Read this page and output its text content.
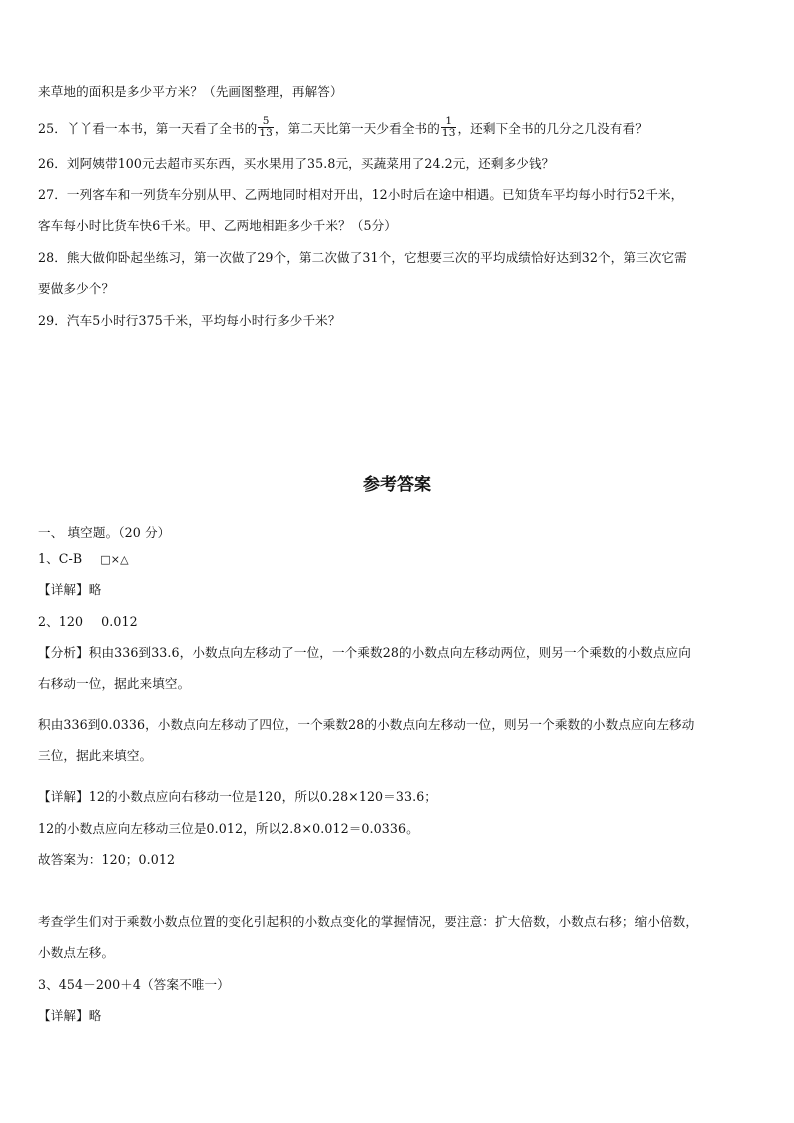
来草地的面积是多少平方米？（先画图整理，再解答）
25．丫丫看一本书，第一天看了全书的 $\frac{5}{13}$ ，第二天比第一天少看全书的 $\frac{1}{13}$ ，还剩下全书的几分之几没有看？
26．刘阿姨带100元去超市买东西，买水果用了35.8元，买蔬菜用了24.2元，还剩多少钱？
27．一列客车和一列货车分别从甲、乙两地同时相对开出，12小时后在途中相遇。已知货车平均每小时行52千米，
客车每小时比货车快6千米。甲、乙两地相距多少千米？（5分）
28．熊大做仰卧起坐练习，第一次做了29个，第二次做了31个，它想要三次的平均成绩恰好达到32个，第三次它需
要做多少个？
29．汽车5小时行375千米，平均每小时行多少千米？
参考答案
一、 填空题。（20 分）
1、C-B □×△
【详解】略
2、120 0.012
【分析】积由336到33.6，小数点向左移动了一位，一个乘数28的小数点向左移动两位，则另一个乘数的小数点应向
右移动一位，据此来填空。
积由336到0.0336，小数点向左移动了四位，一个乘数28的小数点向左移动一位，则另一个乘数的小数点应向左移动
三位，据此来填空。
【详解】12的小数点应向右移动一位是120，所以0.28×120＝33.6；
12的小数点应向左移动三位是0.012，所以2.8×0.012＝0.0336。
故答案为：120；0.012
考查学生们对于乘数小数点位置的变化引起积的小数点变化的掌握情况，要注意：扩大倍数，小数点右移；缩小倍数，
小数点左移。
3、454－200＋4（答案不唯一）
【详解】略
